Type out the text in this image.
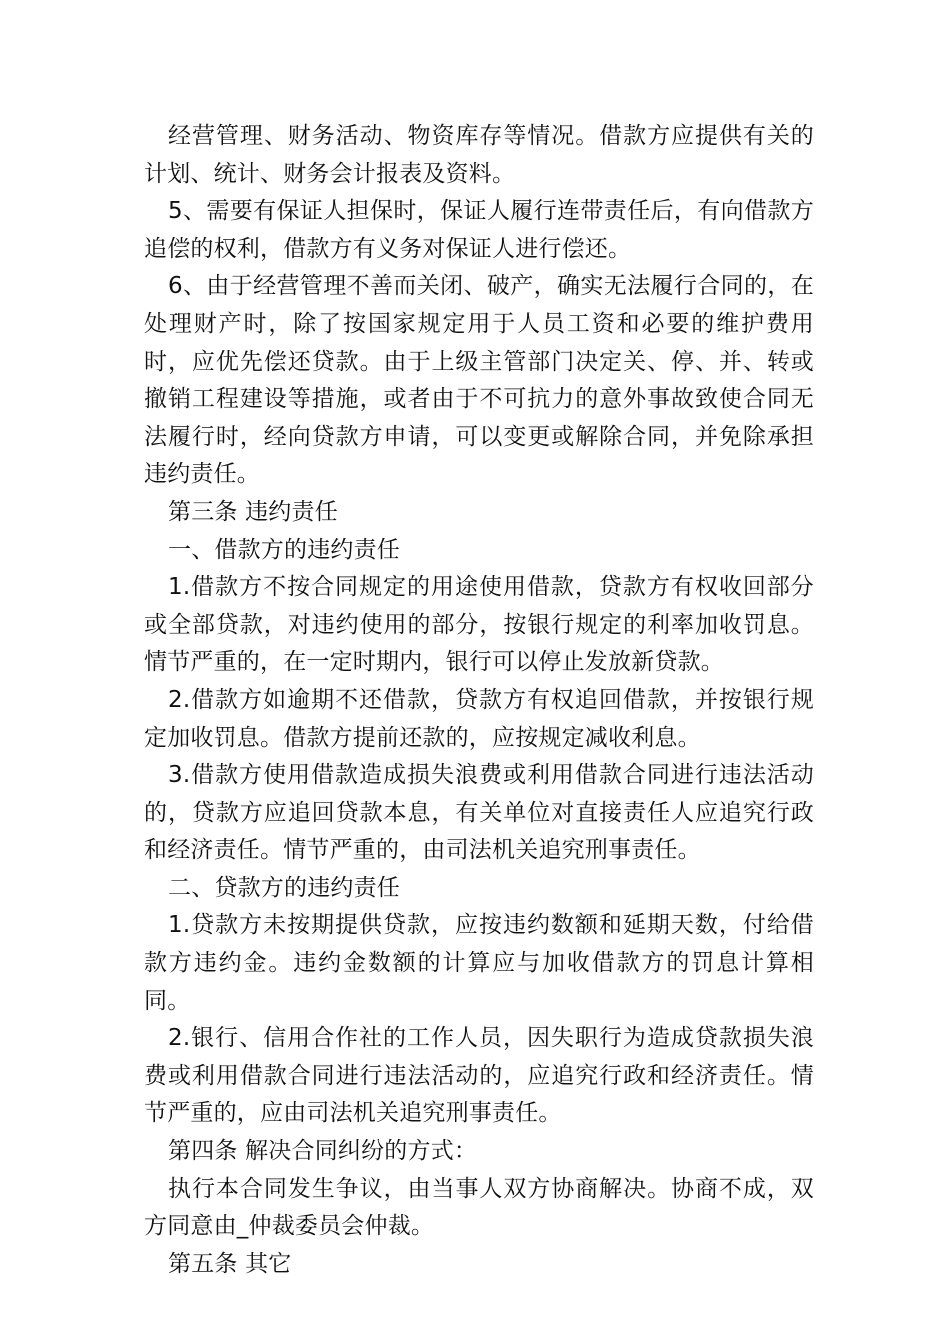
经营管理、财务活动、物资库存等情况。借款方应提供有关的计划、统计、财务会计报表及资料。

5、需要有保证人担保时，保证人履行连带责任后，有向借款方追偿的权利，借款方有义务对保证人进行偿还。

6、由于经营管理不善而关闭、破产，确实无法履行合同的，在处理财产时，除了按国家规定用于人员工资和必要的维护费用时，应优先偿还贷款。由于上级主管部门决定关、停、并、转或撤销工程建设等措施，或者由于不可抗力的意外事故致使合同无法履行时，经向贷款方申请，可以变更或解除合同，并免除承担违约责任。

第三条 违约责任

一、借款方的违约责任

1.借款方不按合同规定的用途使用借款，贷款方有权收回部分或全部贷款，对违约使用的部分，按银行规定的利率加收罚息。情节严重的，在一定时期内，银行可以停止发放新贷款。

2.借款方如逾期不还借款，贷款方有权追回借款，并按银行规定加收罚息。借款方提前还款的，应按规定减收利息。

3.借款方使用借款造成损失浪费或利用借款合同进行违法活动的，贷款方应追回贷款本息，有关单位对直接责任人应追究行政和经济责任。情节严重的，由司法机关追究刑事责任。

二、贷款方的违约责任

1.贷款方未按期提供贷款，应按违约数额和延期天数，付给借款方违约金。违约金数额的计算应与加收借款方的罚息计算相同。

2.银行、信用合作社的工作人员，因失职行为造成贷款损失浪费或利用借款合同进行违法活动的，应追究行政和经济责任。情节严重的，应由司法机关追究刑事责任。

第四条 解决合同纠纷的方式：

执行本合同发生争议，由当事人双方协商解决。协商不成，双方同意由_仲裁委员会仲裁。

第五条 其它
